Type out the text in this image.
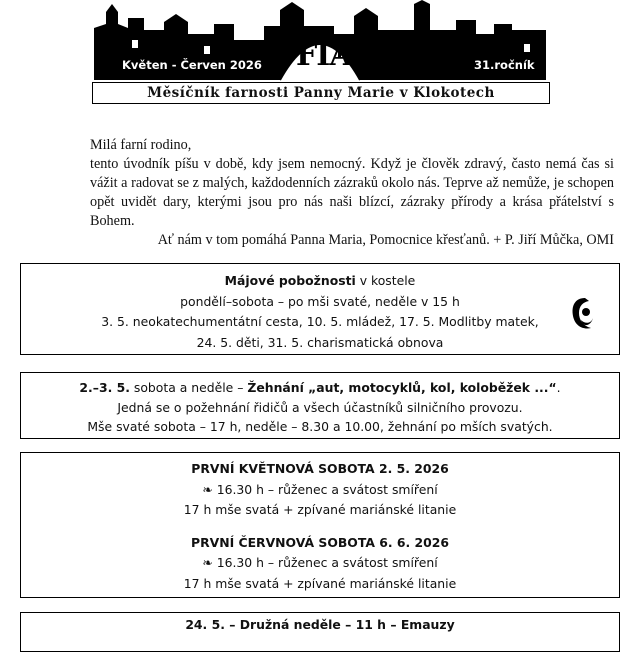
Květen - Červen 2026 FIAT	31.ročník
Měsíčník farnosti Panny Marie v Klokotech

Milá farní rodino,

tento úvodník píšu v době, kdy jsem nemocný. Když je člověk zdravý, často nemá čas si vážit a radovat se z malých, každodenních zázraků okolo nás. Teprve až nemůže, je schopen opět uvidět dary, kterými jsou pro nás naši blízcí, zázraky přírody a krása přátelství s Bohem.

Ať nám v tom pomáhá Panna Maria, Pomocnice křesťanů. + P. Jiří Můčka, OMI

Májové pobožnosti v kostele
pondělí–sobota – po mši svaté, neděle v 15 h
3. 5. neokatechumentátní cesta, 10. 5. mládež, 17. 5. Modlitby matek,
24. 5. děti, 31. 5. charismatická obnova
2.–3. 5. sobota a neděle – Žehnání „aut, motocyklů, kol, koloběžek ...“.
Jedná se o požehnání řidičů a všech účastníků silničního provozu.
Mše svaté sobota – 17 h, neděle – 8.30 a 10.00, žehnání po mších svatých.
PRVNÍ KVĚTNOVÁ SOBOTA 2. 5. 2026
❧ 16.30 h – růženec a svátost smíření
17 h mše svatá + zpívané mariánské litanie
PRVNÍ ČERVNOVÁ SOBOTA 6. 6. 2026
❧ 16.30 h – růženec a svátost smíření
17 h mše svatá + zpívané mariánské litanie
24. 5. – Družná neděle – 11 h – Emauzy
